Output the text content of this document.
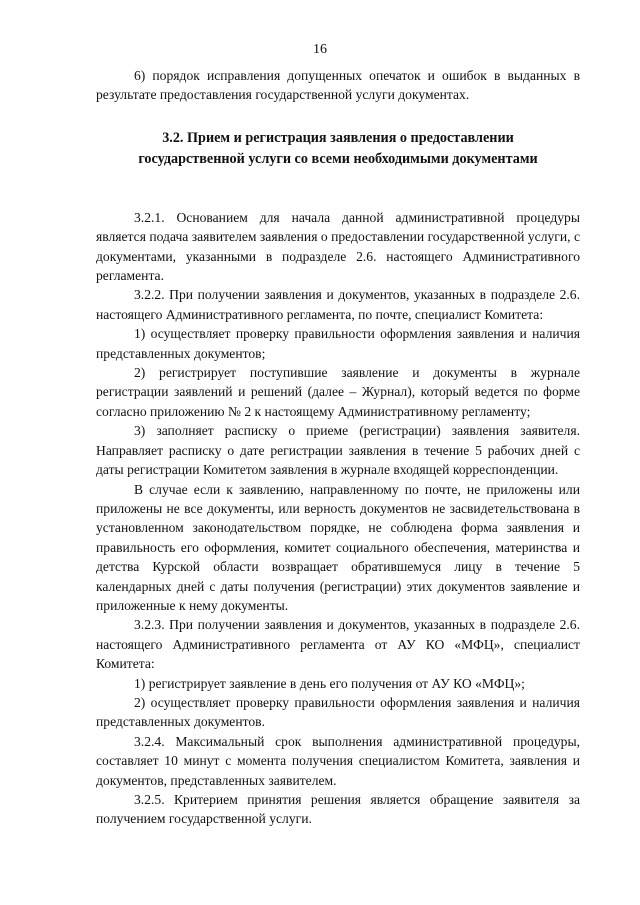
16

6) порядок исправления допущенных опечаток и ошибок в выданных в результате предоставления государственной услуги документах.

3.2. Прием и регистрация заявления о предоставлении
государственной услуги со всеми необходимыми документами

3.2.1. Основанием для начала данной административной процедуры является подача заявителем заявления о предоставлении государственной услуги, с документами, указанными в подразделе 2.6. настоящего Административного регламента.

3.2.2. При получении заявления и документов, указанных в подразделе 2.6. настоящего Административного регламента, по почте, специалист Комитета:

1) осуществляет проверку правильности оформления заявления и наличия представленных документов;

2) регистрирует поступившие заявление и документы в журнале регистрации заявлений и решений (далее – Журнал), который ведется по форме согласно приложению № 2 к настоящему Административному регламенту;

3) заполняет расписку о приеме (регистрации) заявления заявителя. Направляет расписку о дате регистрации заявления в течение 5 рабочих дней с даты регистрации Комитетом заявления в журнале входящей корреспонденции.

В случае если к заявлению, направленному по почте, не приложены или приложены не все документы, или верность документов не засвидетельствована в установленном законодательством порядке, не соблюдена форма заявления и правильность его оформления, комитет социального обеспечения, материнства и детства Курской области возвращает обратившемуся лицу в течение 5 календарных дней с даты получения (регистрации) этих документов заявление и приложенные к нему документы.

3.2.3. При получении заявления и документов, указанных в подразделе 2.6. настоящего Административного регламента от АУ КО «МФЦ», специалист Комитета:

1) регистрирует заявление в день его получения от АУ КО «МФЦ»;

2) осуществляет проверку правильности оформления заявления и наличия представленных документов.

3.2.4. Максимальный срок выполнения административной процедуры, составляет 10 минут с момента получения специалистом Комитета, заявления и документов, представленных заявителем.

3.2.5. Критерием принятия решения является обращение заявителя за получением государственной услуги.
